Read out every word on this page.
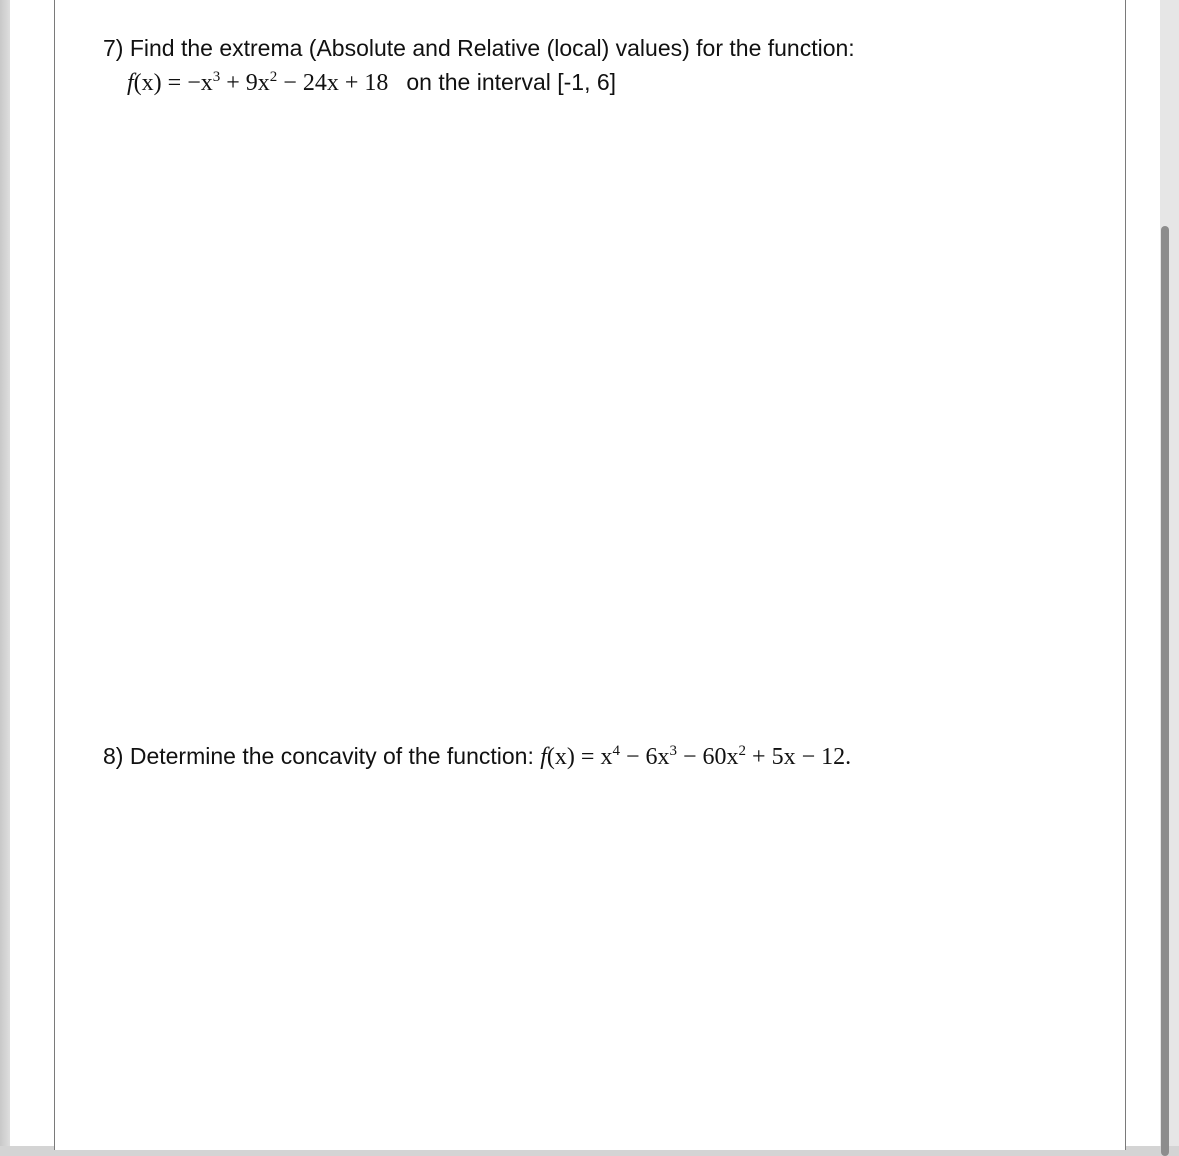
7) Find the extrema (Absolute and Relative (local) values) for the function:
$f(x) = -x^3 + 9x^2 - 24x + 18$ on the interval [-1, 6]
8) Determine the concavity of the function: $f(x) = x^4 - 6x^3 - 60x^2 + 5x - 12$.
